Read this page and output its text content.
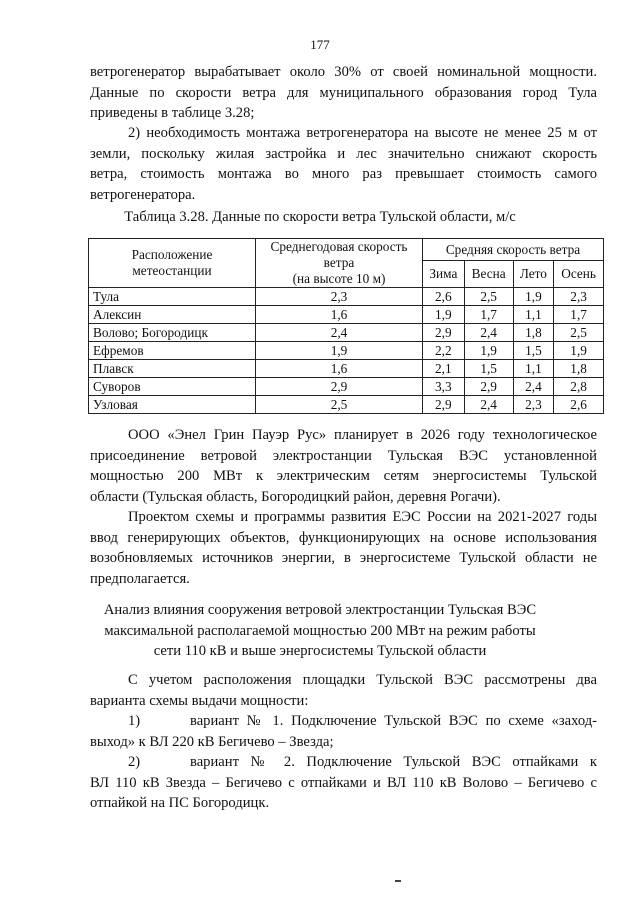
177
ветрогенератор вырабатывает около 30% от своей номинальной мощности.
Данные по скорости ветра для муниципального образования город Тула
приведены в таблице 3.28;
2) необходимость монтажа ветрогенератора на высоте не менее 25 м от
земли, поскольку жилая застройка и лес значительно снижают скорость
ветра, стоимость монтажа во много раз превышает стоимость самого
ветрогенератора.
Таблица 3.28. Данные по скорости ветра Тульской области, м/с
Расположение
метеостанции	Среднегодовая скорость
ветра
(на высоте 10 м)	Средняя скорость ветра			
		Зима	Весна	Лето	Осень
Тула	2,3	2,6	2,5	1,9	2,3
Алексин	1,6	1,9	1,7	1,1	1,7
Волово; Богородицк	2,4	2,9	2,4	1,8	2,5
Ефремов	1,9	2,2	1,9	1,5	1,9
Плавск	1,6	2,1	1,5	1,1	1,8
Суворов	2,9	3,3	2,9	2,4	2,8
Узловая	2,5	2,9	2,4	2,3	2,6
ООО «Энел Грин Пауэр Рус» планирует в 2026 году технологическое
присоединение ветровой электростанции Тульская ВЭС установленной
мощностью 200 МВт к электрическим сетям энергосистемы Тульской
области (Тульская область, Богородицкий район, деревня Рогачи).
Проектом схемы и программы развития ЕЭС России на 2021-2027 годы
ввод генерирующих объектов, функционирующих на основе использования
возобновляемых источников энергии, в энергосистеме Тульской области не
предполагается.
Анализ влияния сооружения ветровой электростанции Тульская ВЭС
максимальной располагаемой мощностью 200 МВт на режим работы
сети 110 кВ и выше энергосистемы Тульской области
С учетом расположения площадки Тульской ВЭС рассмотрены два
варианта схемы выдачи мощности:
1)	вариант № 1. Подключение Тульской ВЭС по схеме «заход-
выход» к ВЛ 220 кВ Бегичево – Звезда;
2)	вариант № 2. Подключение Тульской ВЭС отпайками к
ВЛ 110 кВ Звезда – Бегичево с отпайками и ВЛ 110 кВ Волово – Бегичево с
отпайкой на ПС Богородицк.
